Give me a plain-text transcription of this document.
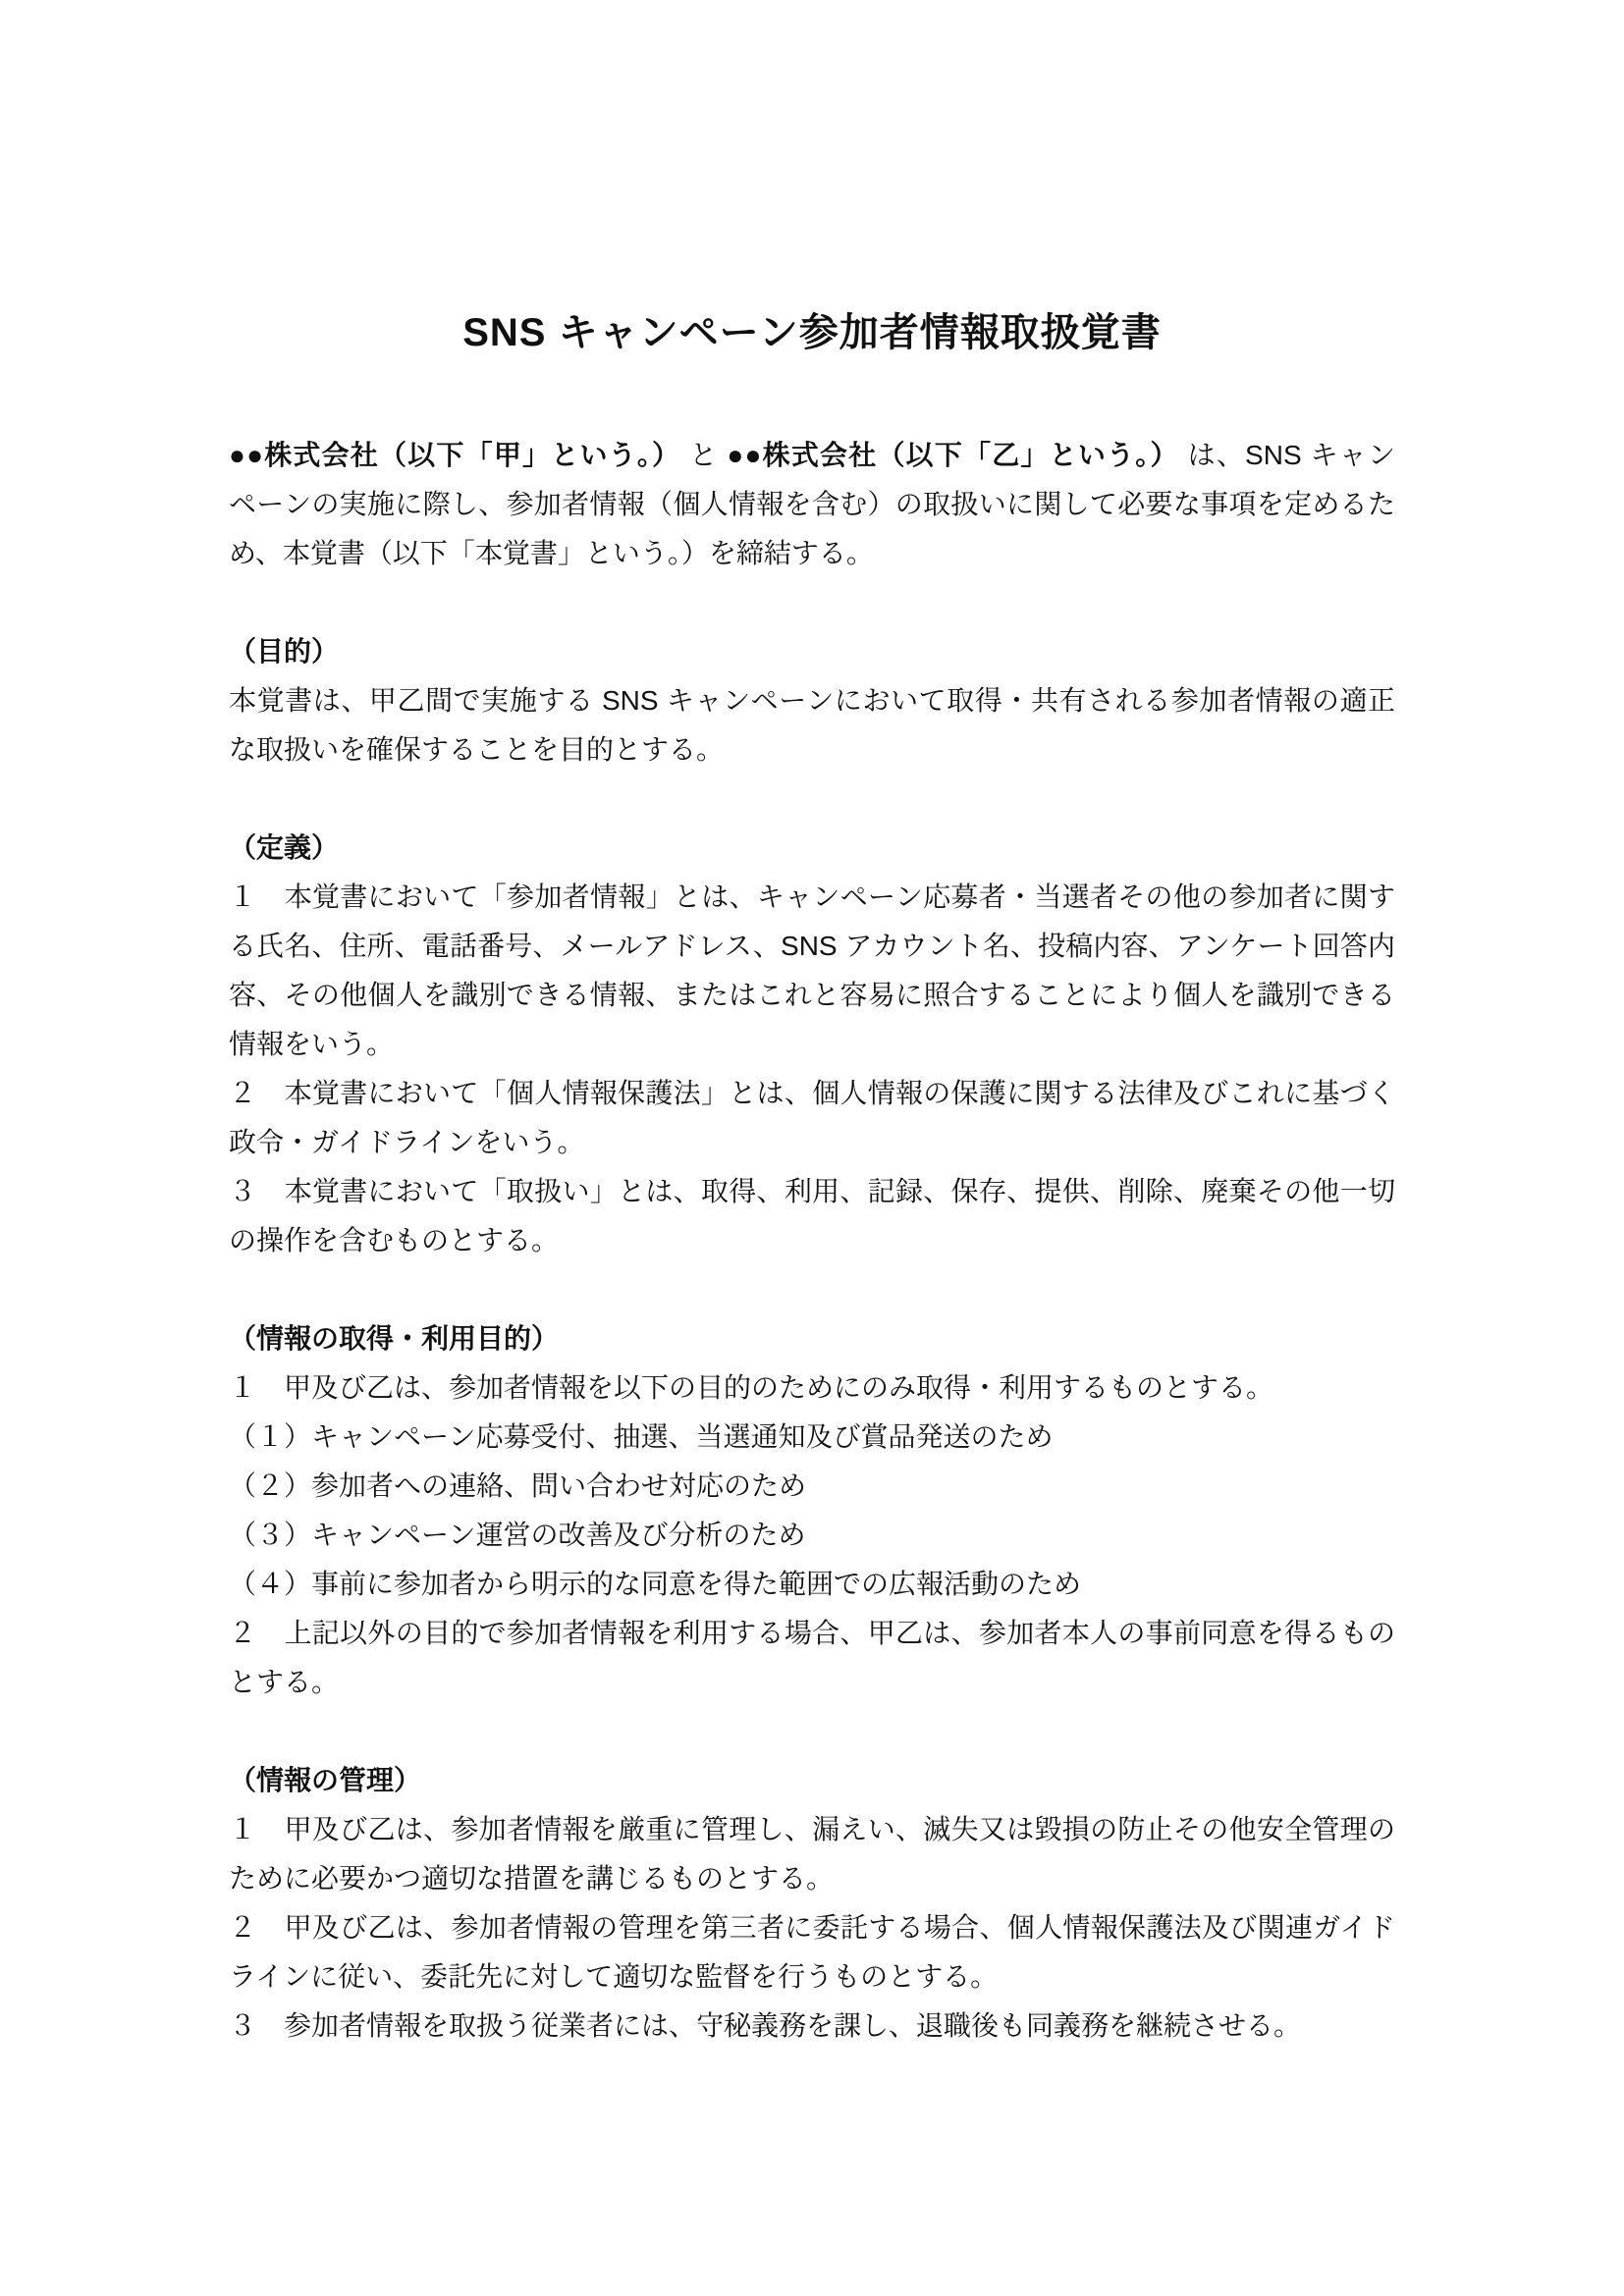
SNS キャンペーン参加者情報取扱覚書

●●株式会社（以下「甲」という。） と ●●株式会社（以下「乙」という。） は、SNS キャンペーンの実施に際し、参加者情報（個人情報を含む）の取扱いに関して必要な事項を定めるため、本覚書（以下「本覚書」という。）を締結する。

（目的）

本覚書は、甲乙間で実施する SNS キャンペーンにおいて取得・共有される参加者情報の適正な取扱いを確保することを目的とする。

（定義）

１　本覚書において「参加者情報」とは、キャンペーン応募者・当選者その他の参加者に関する氏名、住所、電話番号、メールアドレス、SNS アカウント名、投稿内容、アンケート回答内容、その他個人を識別できる情報、またはこれと容易に照合することにより個人を識別できる情報をいう。

２　本覚書において「個人情報保護法」とは、個人情報の保護に関する法律及びこれに基づく政令・ガイドラインをいう。

３　本覚書において「取扱い」とは、取得、利用、記録、保存、提供、削除、廃棄その他一切の操作を含むものとする。

（情報の取得・利用目的）

１　甲及び乙は、参加者情報を以下の目的のためにのみ取得・利用するものとする。

（１）キャンペーン応募受付、抽選、当選通知及び賞品発送のため

（２）参加者への連絡、問い合わせ対応のため

（３）キャンペーン運営の改善及び分析のため

（４）事前に参加者から明示的な同意を得た範囲での広報活動のため

２　上記以外の目的で参加者情報を利用する場合、甲乙は、参加者本人の事前同意を得るものとする。

（情報の管理）

１　甲及び乙は、参加者情報を厳重に管理し、漏えい、滅失又は毀損の防止その他安全管理のために必要かつ適切な措置を講じるものとする。

２　甲及び乙は、参加者情報の管理を第三者に委託する場合、個人情報保護法及び関連ガイドラインに従い、委託先に対して適切な監督を行うものとする。

３　参加者情報を取扱う従業者には、守秘義務を課し、退職後も同義務を継続させる。
